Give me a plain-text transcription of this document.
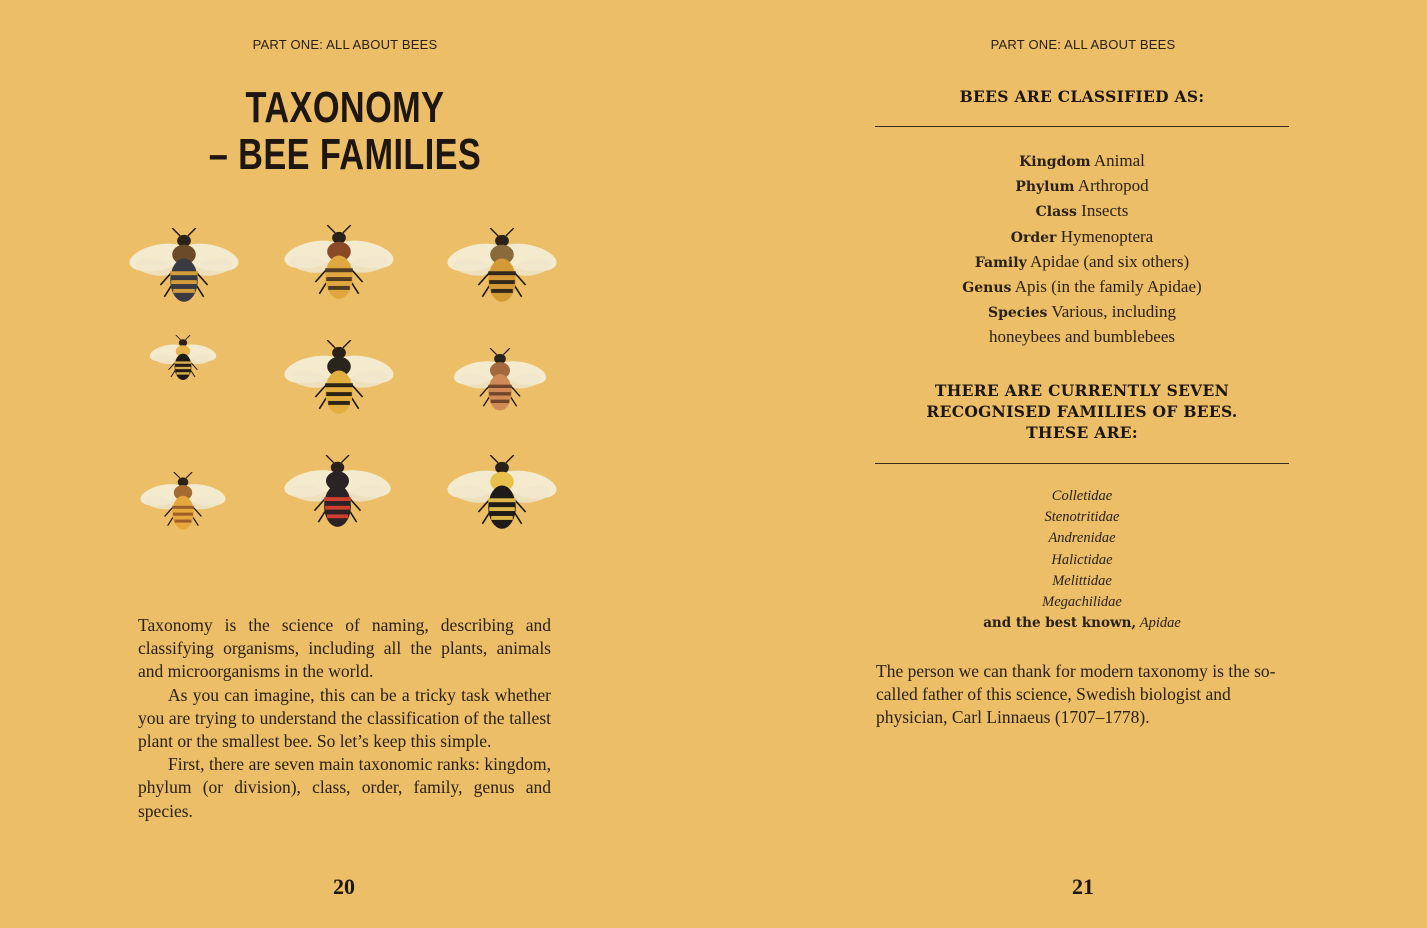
PART ONE: ALL ABOUT BEES
TAXONOMY
– BEE FAMILIES

Taxonomy is the science of naming, describing and classifying organisms, including all the plants, animals and microorganisms in the world.

As you can imagine, this can be a tricky task whether you are trying to understand the classification of the tallest plant or the smallest bee. So let’s keep this simple.

First, there are seven main taxonomic ranks: kingdom, phylum (or division), class, order, family, genus and species.

20
PART ONE: ALL ABOUT BEES
BEES ARE CLASSIFIED AS:
Kingdom Animal
Phylum Arthropod
Class Insects
Order Hymenoptera
Family Apidae (and six others)
Genus Apis (in the family Apidae)
Species Various, including
honeybees and bumblebees
THERE ARE CURRENTLY SEVEN
RECOGNISED FAMILIES OF BEES.
THESE ARE:
Colletidae
Stenotritidae
Andrenidae
Halictidae
Melittidae
Megachilidae
and the best known, Apidae

The person we can thank for modern taxonomy is the so-called father of this science, Swedish biologist and physician, Carl Linnaeus (1707–1778).

21
